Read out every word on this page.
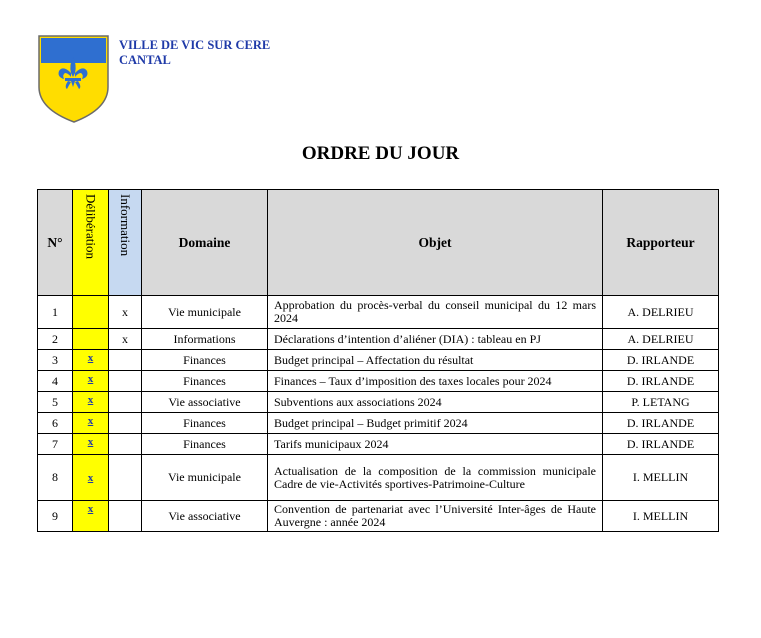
VILLE DE VIC SUR CERE
CANTAL
ORDRE DU JOUR
N°	Délibération	Information	Domaine	Objet	Rapporteur
1		x	Vie municipale	Approbation du procès-verbal du conseil municipal du 12 mars 2024	A. DELRIEU
2		x	Informations	Déclarations d’intention d’aliéner (DIA) : tableau en PJ	A. DELRIEU
3	x		Finances	Budget principal – Affectation du résultat	D. IRLANDE
4	x		Finances	Finances – Taux d’imposition des taxes locales pour 2024	D. IRLANDE
5	x		Vie associative	Subventions aux associations 2024	P. LETANG
6	x		Finances	Budget principal – Budget primitif 2024	D. IRLANDE
7	x		Finances	Tarifs municipaux 2024	D. IRLANDE
8	x		Vie municipale	Actualisation de la composition de la commission municipale Cadre de vie-Activités sportives-Patrimoine-Culture	I. MELLIN
9	x		Vie associative	Convention de partenariat avec l’Université Inter-âges de Haute Auvergne : année 2024	I. MELLIN
